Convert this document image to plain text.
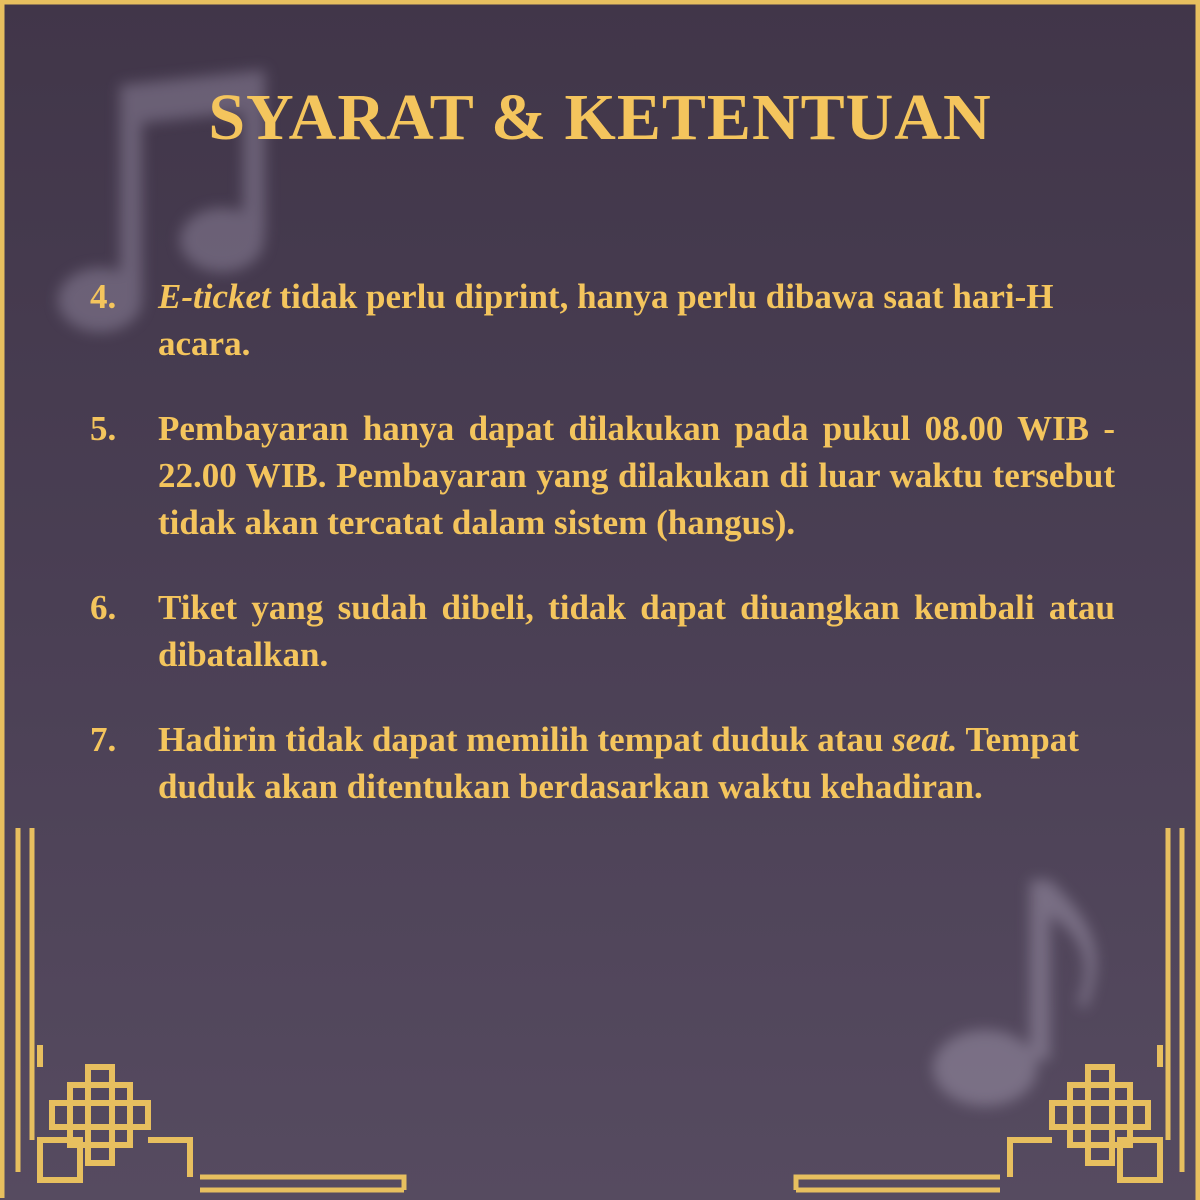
SYARAT & KETENTUAN
4.	E-ticket tidak perlu diprint, hanya perlu dibawa saat hari-H acara.
5.	Pembayaran hanya dapat dilakukan pada pukul 08.00 WIB - 22.00 WIB. Pembayaran yang dilakukan di luar waktu tersebut tidak akan tercatat dalam sistem (hangus).
6.	Tiket yang sudah dibeli, tidak dapat diuangkan kembali atau dibatalkan.
7.	Hadirin tidak dapat memilih tempat duduk atau seat. Tempat duduk akan ditentukan berdasarkan waktu kehadiran.
